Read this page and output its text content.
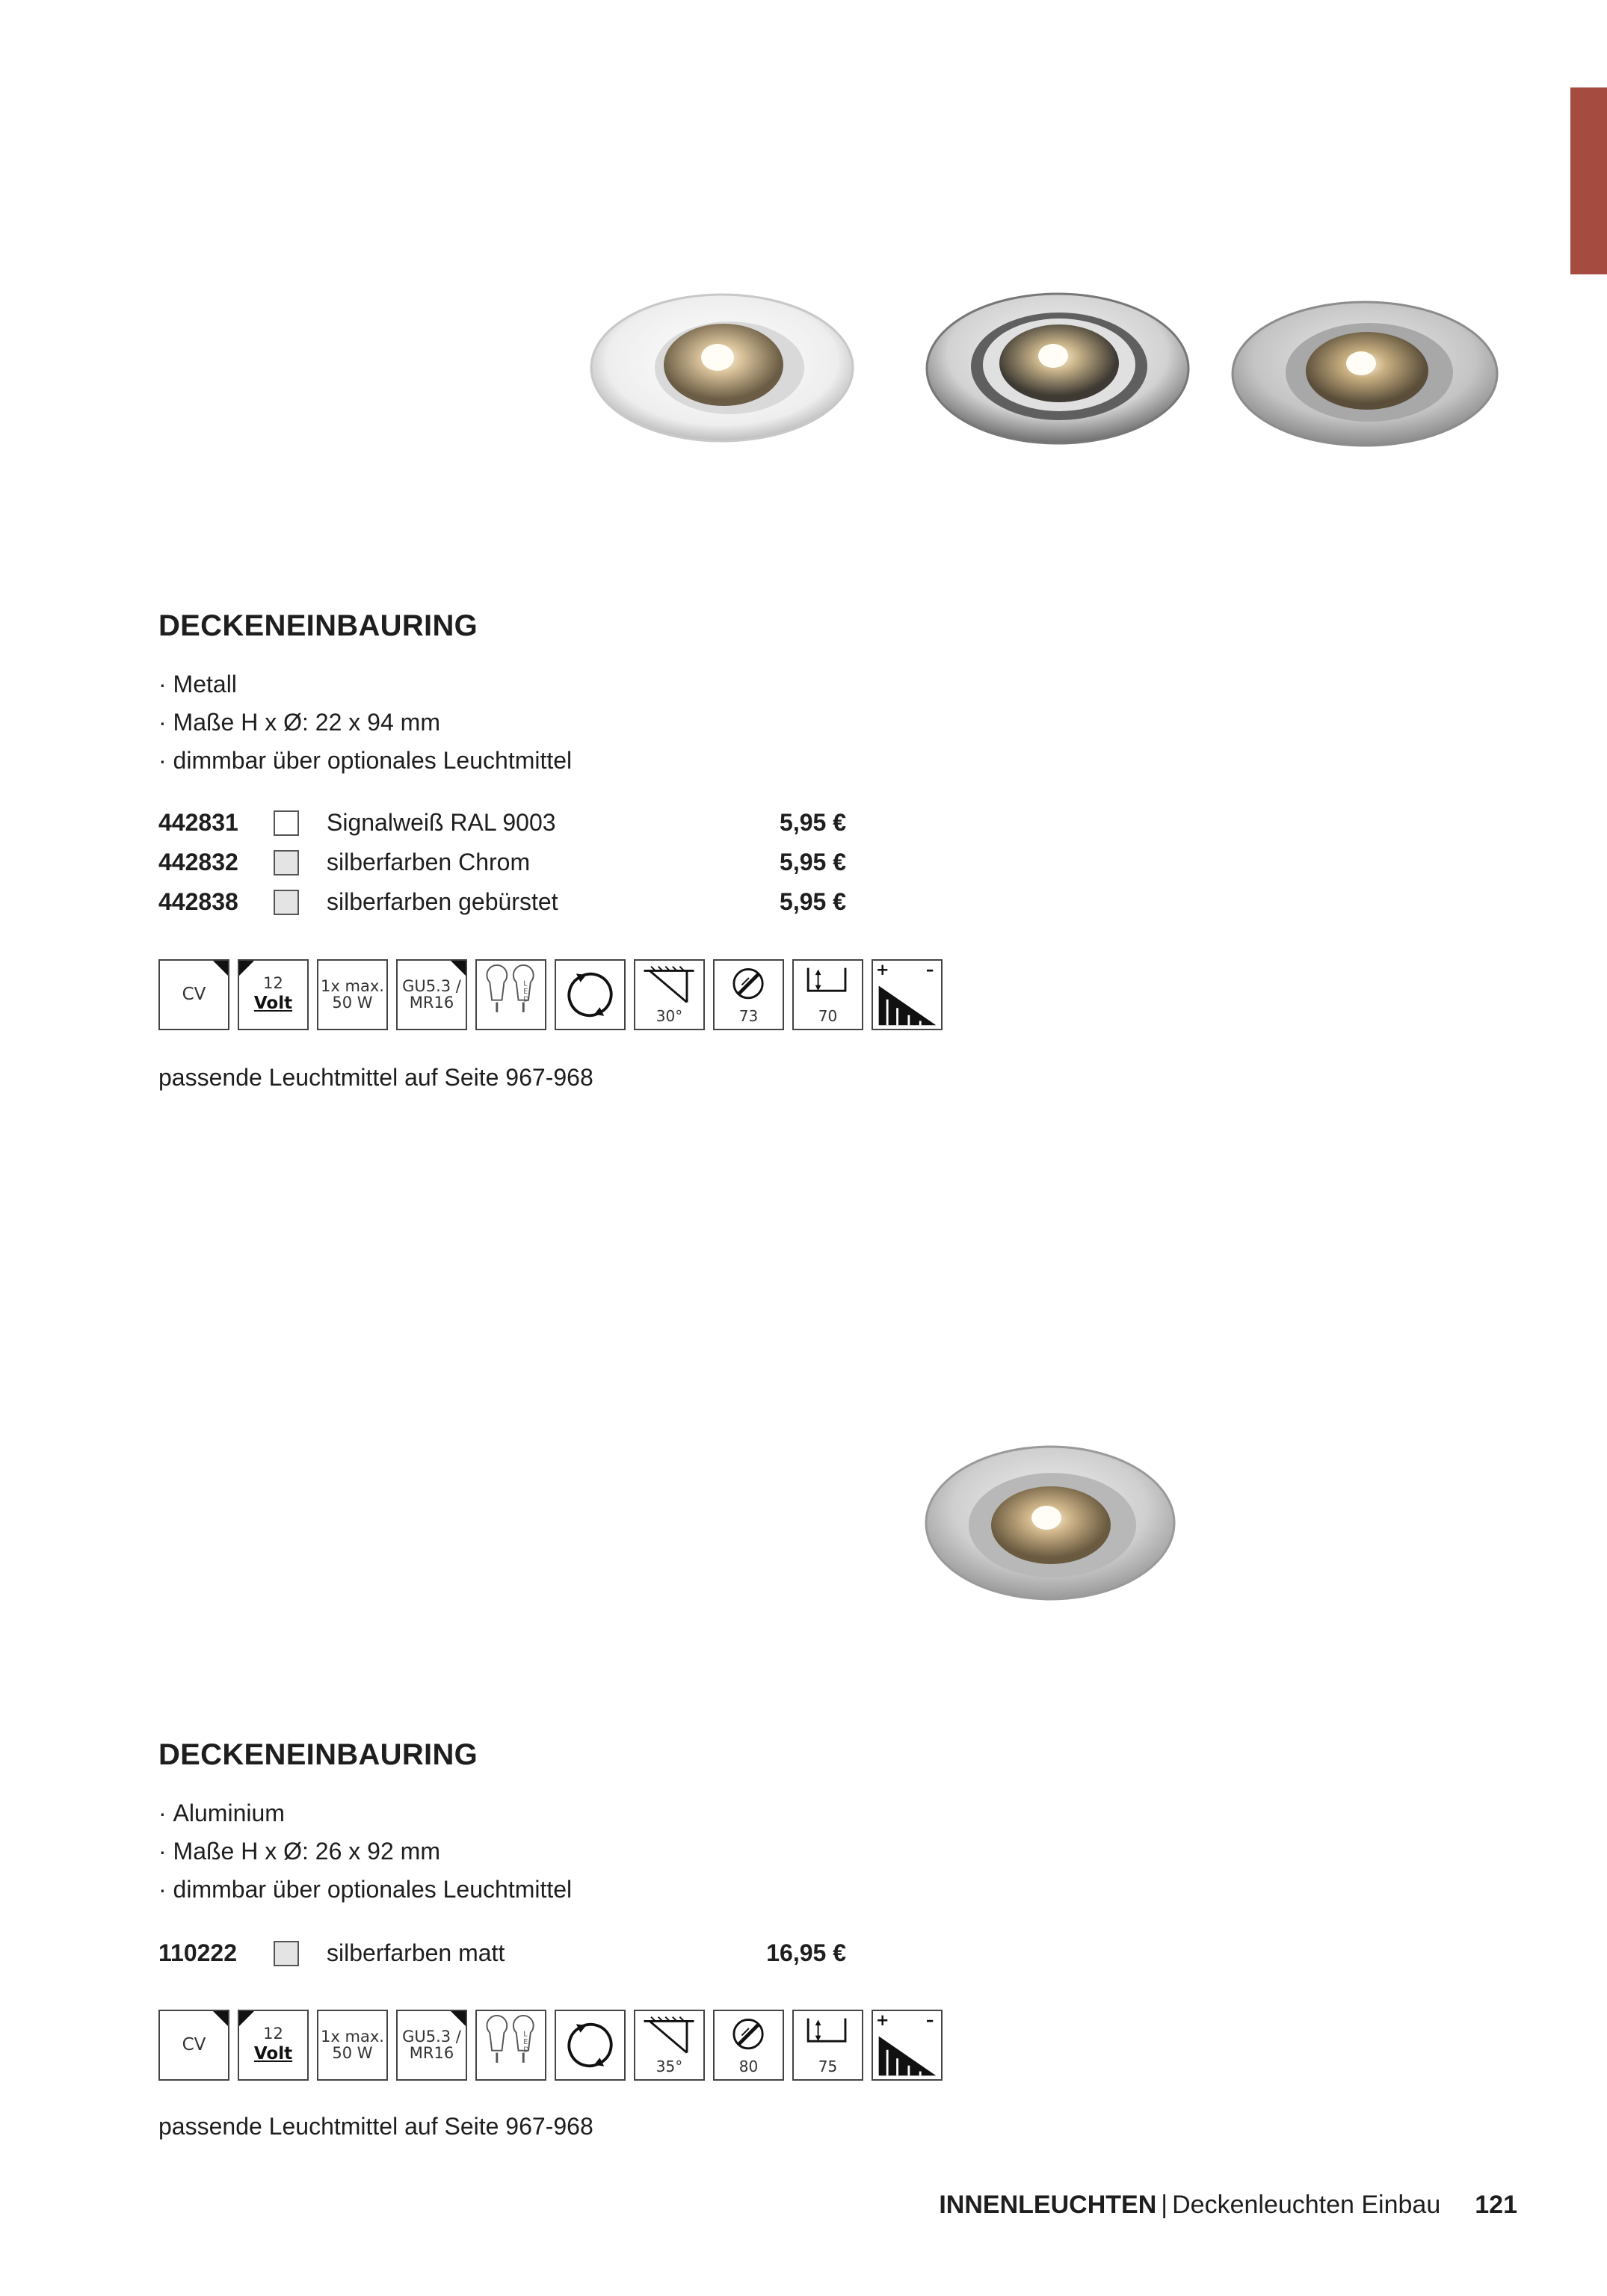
DECKENEINBAURING
· Metall
· Maße H x Ø: 22 x 94 mm
· dimmbar über optionales Leuchtmittel
442831	Signalweiß RAL 9003	5,95 €
442832	silberfarben Chrom	5,95 €
442838	silberfarben gebürstet	5,95 €
CV
12
Volt
1x max.
50 W
GU5.3 /
MR16
L
E
D
30°	73	70
+ –
passende Leuchtmittel auf Seite 967-968
DECKENEINBAURING
· Aluminium
· Maße H x Ø: 26 x 92 mm
· dimmbar über optionales Leuchtmittel
110222	silberfarben matt	16,95 €
CV
12
Volt
1x max.
50 W
GU5.3 /
MR16
L
E
D
35°	80	75
+ –
passende Leuchtmittel auf Seite 967-968
INNENLEUCHTEN | Deckenleuchten Einbau 121
